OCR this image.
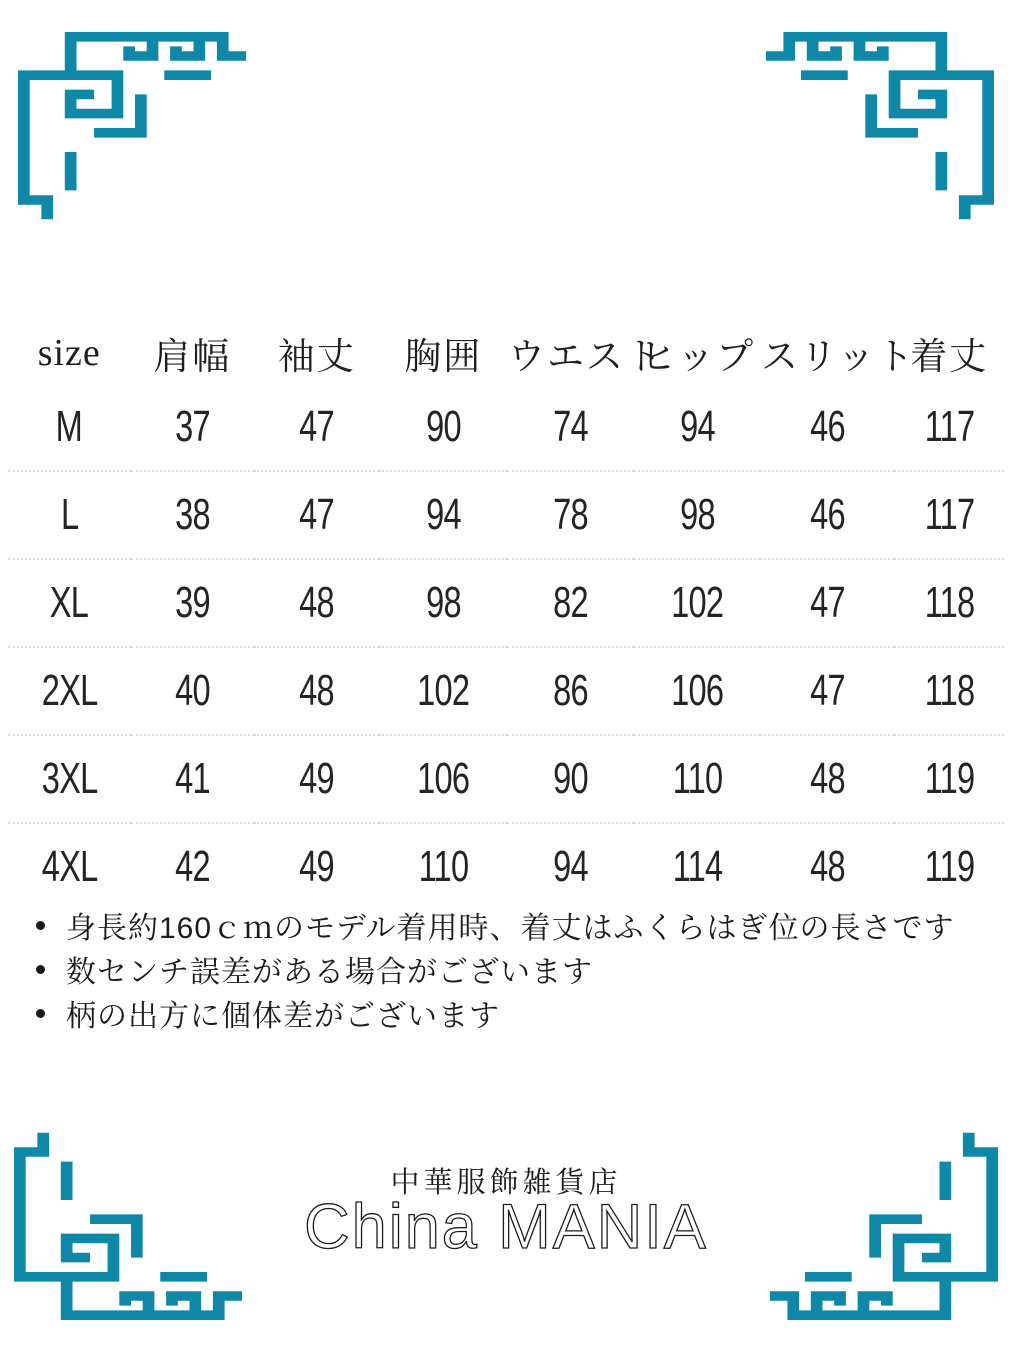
size	肩幅	袖丈	胸囲	ウエスト	ヒップ	スリット	着丈
M	37	47	90	74	94	46	117
L	38	47	94	78	98	46	117
XL	39	48	98	82	102	47	118
2XL	40	48	102	86	106	47	118
3XL	41	49	106	90	110	48	119
4XL	42	49	110	94	114	48	119
身長約160ｃｍのモデル着用時、着丈はふくらはぎ位の長さです
数センチ誤差がある場合がございます
柄の出方に個体差がございます
中華服飾雑貨店
China MANIA
